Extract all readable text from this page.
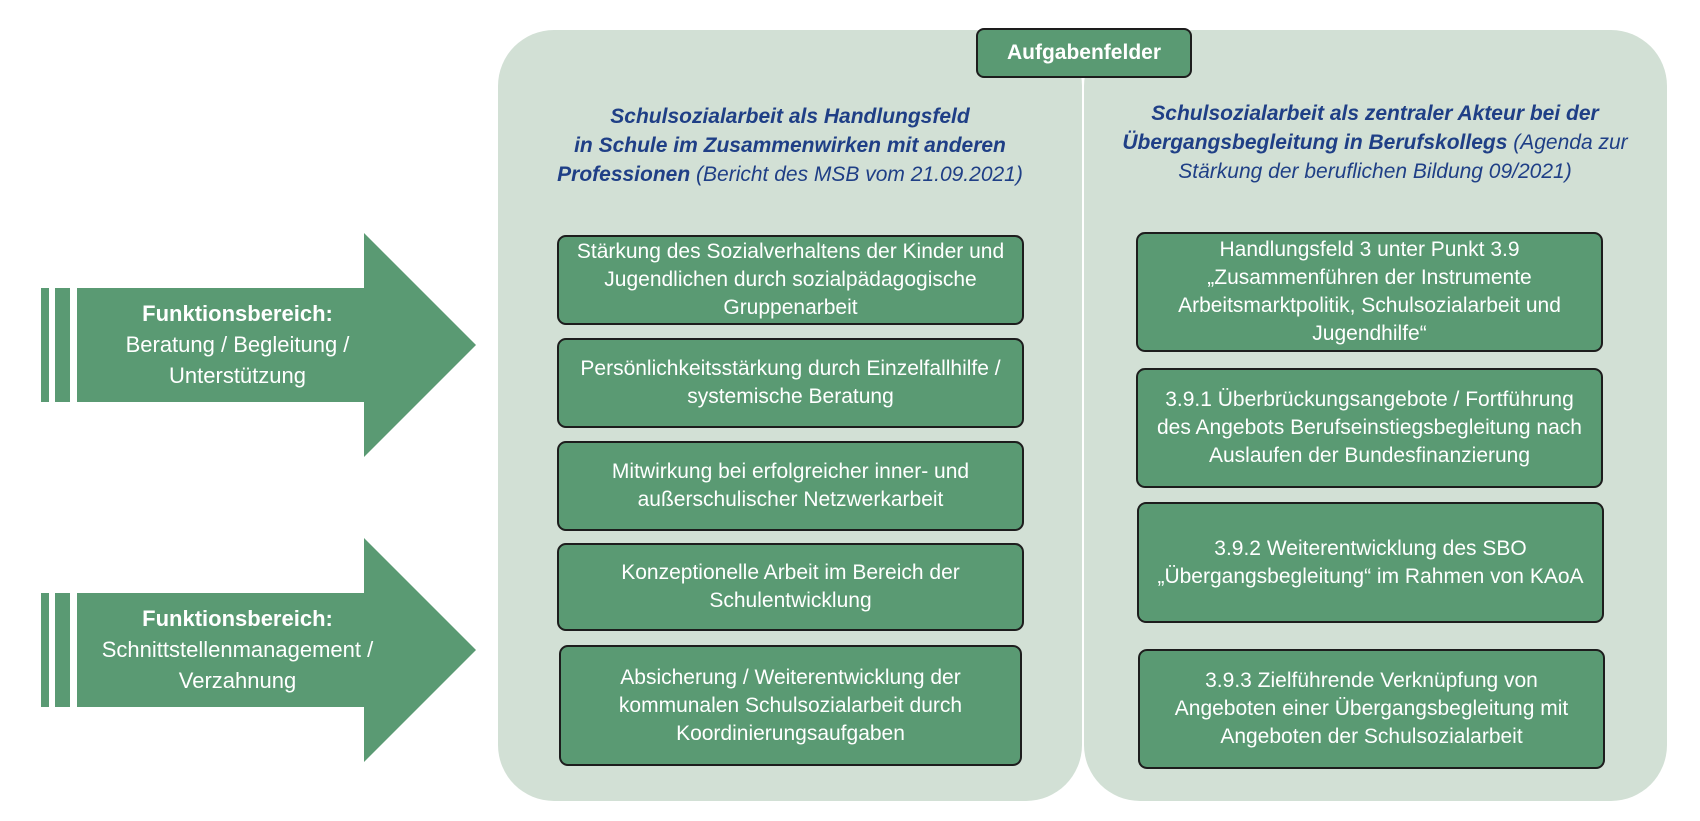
Aufgabenfelder
Schulsozialarbeit als Handlungsfeld
in Schule im Zusammenwirken mit anderen
Professionen (Bericht des MSB vom 21.09.2021)
Schulsozialarbeit als zentraler Akteur bei der
Übergangsbegleitung in Berufskollegs (Agenda zur Stärkung der beruflichen Bildung 09/2021)
Stärkung des Sozialverhaltens der Kinder und Jugendlichen durch sozialpädagogische Gruppenarbeit
Persönlichkeitsstärkung durch Einzelfallhilfe / systemische Beratung
Mitwirkung bei erfolgreicher inner- und außerschulischer Netzwerkarbeit
Konzeptionelle Arbeit im Bereich der Schulentwicklung
Absicherung / Weiterentwicklung der kommunalen Schulsozialarbeit durch Koordinierungsaufgaben
Handlungsfeld 3 unter Punkt 3.9 „Zusammenführen der Instrumente Arbeitsmarktpolitik, Schulsozialarbeit und Jugendhilfe“
3.9.1 Überbrückungsangebote / Fortführung des Angebots Berufseinstiegsbegleitung nach Auslaufen der Bundesfinanzierung
3.9.2 Weiterentwicklung des SBO „Übergangsbegleitung“ im Rahmen von KAoA
3.9.3 Zielführende Verknüpfung von Angeboten einer Übergangsbegleitung mit Angeboten der Schulsozialarbeit
Funktionsbereich:
Beratung / Begleitung /
Unterstützung
Funktionsbereich:
Schnittstellenmanagement /
Verzahnung
